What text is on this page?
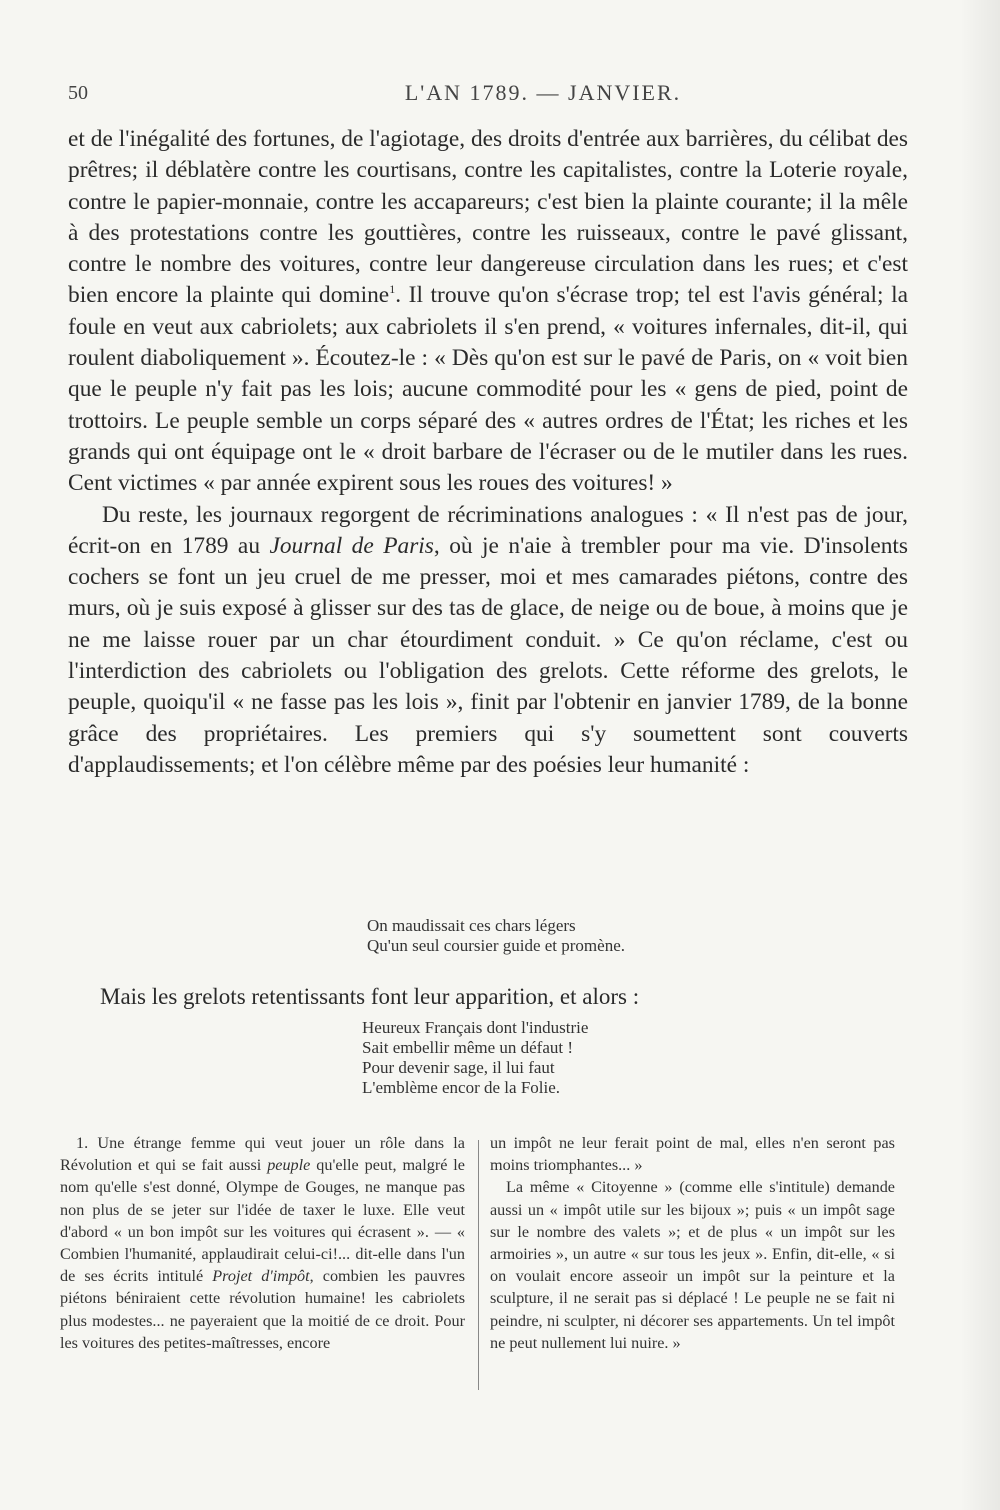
50	L'AN 1789. — JANVIER.

et de l'inégalité des fortunes, de l'agiotage, des droits d'entrée aux barrières, du célibat des prêtres; il déblatère contre les courtisans, contre les capitalistes, contre la Loterie royale, contre le papier-monnaie, contre les accapareurs; c'est bien la plainte courante; il la mêle à des protestations contre les gouttières, contre les ruisseaux, contre le pavé glissant, contre le nombre des voitures, contre leur dangereuse circulation dans les rues; et c'est bien encore la plainte qui domine$^1$. Il trouve qu'on s'écrase trop; tel est l'avis général; la foule en veut aux cabriolets; aux cabriolets il s'en prend, « voitures infernales, dit-il, qui roulent diaboliquement ». Écoutez-le : « Dès qu'on est sur le pavé de Paris, on « voit bien que le peuple n'y fait pas les lois; aucune commodité pour les « gens de pied, point de trottoirs. Le peuple semble un corps séparé des « autres ordres de l'État; les riches et les grands qui ont équipage ont le « droit barbare de l'écraser ou de le mutiler dans les rues. Cent victimes « par année expirent sous les roues des voitures! »

Du reste, les journaux regorgent de récriminations analogues : « Il n'est pas de jour, écrit-on en 1789 au Journal de Paris, où je n'aie à trembler pour ma vie. D'insolents cochers se font un jeu cruel de me presser, moi et mes camarades piétons, contre des murs, où je suis exposé à glisser sur des tas de glace, de neige ou de boue, à moins que je ne me laisse rouer par un char étourdiment conduit. » Ce qu'on réclame, c'est ou l'interdiction des cabriolets ou l'obligation des grelots. Cette réforme des grelots, le peuple, quoiqu'il « ne fasse pas les lois », finit par l'obtenir en janvier 1789, de la bonne grâce des propriétaires. Les premiers qui s'y soumettent sont couverts d'applaudissements; et l'on célèbre même par des poésies leur humanité :

On maudissait ces chars légers
Qu'un seul coursier guide et promène.
Mais les grelots retentissants font leur apparition, et alors :
Heureux Français dont l'industrie
Sait embellir même un défaut !
Pour devenir sage, il lui faut
L'emblème encor de la Folie.

1. Une étrange femme qui veut jouer un rôle dans la Révolution et qui se fait aussi peuple qu'elle peut, malgré le nom qu'elle s'est donné, Olympe de Gouges, ne manque pas non plus de se jeter sur l'idée de taxer le luxe. Elle veut d'abord « un bon impôt sur les voitures qui écrasent ». — « Combien l'humanité, applaudirait celui-ci!... dit-elle dans l'un de ses écrits intitulé Projet d'impôt, combien les pauvres piétons béniraient cette révolution humaine! les cabriolets plus modestes... ne payeraient que la moitié de ce droit. Pour les voitures des petites-maîtresses, encore

un impôt ne leur ferait point de mal, elles n'en seront pas moins triomphantes... »

La même « Citoyenne » (comme elle s'intitule) demande aussi un « impôt utile sur les bijoux »; puis « un impôt sage sur le nombre des valets »; et de plus « un impôt sur les armoiries », un autre « sur tous les jeux ». Enfin, dit-elle, « si on voulait encore asseoir un impôt sur la peinture et la sculpture, il ne serait pas si déplacé ! Le peuple ne se fait ni peindre, ni sculpter, ni décorer ses appartements. Un tel impôt ne peut nullement lui nuire. »
